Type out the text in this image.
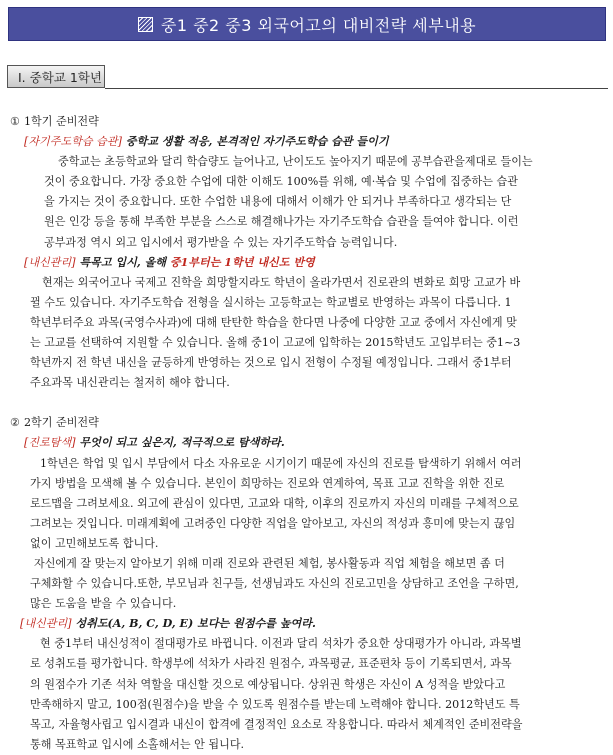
중1 중2 중3 외국어고의 대비전략 세부내용
I. 중학교 1학년
① 1학기 준비전략
[자기주도학습 습관] 중학교 생활 적응, 본격적인 자기주도학습 습관 들이기
중학교는 초등학교와 달리 학습량도 늘어나고, 난이도도 높아지기 때문에 공부습관을제대로 들이는
것이 중요합니다. 가장 중요한 수업에 대한 이해도 100%를 위해, 예·복습 및 수업에 집중하는 습관
을 가지는 것이 중요합니다. 또한 수업한 내용에 대해서 이해가 안 되거나 부족하다고 생각되는 단
원은 인강 등을 통해 부족한 부분을 스스로 해결해나가는 자기주도학습 습관을 들여야 합니다. 이런
공부과정 역시 외고 입시에서 평가받을 수 있는 자기주도학습 능력입니다.
[내신관리] 특목고 입시, 올해 중1부터는 1학년 내신도 반영
현재는 외국어고나 국제고 진학을 희망할지라도 학년이 올라가면서 진로관의 변화로 희망 고교가 바
뀔 수도 있습니다. 자기주도학습 전형을 실시하는 고등학교는 학교별로 반영하는 과목이 다릅니다. 1
학년부터주요 과목(국영수사과)에 대해 탄탄한 학습을 한다면 나중에 다양한 고교 중에서 자신에게 맞
는 고교를 선택하여 지원할 수 있습니다. 올해 중1이 고교에 입학하는 2015학년도 고입부터는 중1~3
학년까지 전 학년 내신을 균등하게 반영하는 것으로 입시 전형이 수정될 예정입니다. 그래서 중1부터
주요과목 내신관리는 철저히 해야 합니다.
② 2학기 준비전략
[진로탐색] 무엇이 되고 싶은지, 적극적으로 탐색하라.
1학년은 학업 및 입시 부담에서 다소 자유로운 시기이기 때문에 자신의 진로를 탐색하기 위해서 여러
가지 방법을 모색해 볼 수 있습니다. 본인이 희망하는 진로와 연계하여, 목표 고교 진학을 위한 진로
로드맵을 그려보세요. 외고에 관심이 있다면, 고교와 대학, 이후의 진로까지 자신의 미래를 구체적으로
그려보는 것입니다. 미래계획에 고려중인 다양한 직업을 알아보고, 자신의 적성과 흥미에 맞는지 끊임
없이 고민해보도록 합니다.
자신에게 잘 맞는지 알아보기 위해 미래 진로와 관련된 체험, 봉사활동과 직업 체험을 해보면 좀 더
구체화할 수 있습니다.또한, 부모님과 친구들, 선생님과도 자신의 진로고민을 상담하고 조언을 구하면,
많은 도움을 받을 수 있습니다.
[내신관리] 성취도(A, B, C, D, E) 보다는 원점수를 높여라.
현 중1부터 내신성적이 절대평가로 바뀝니다. 이전과 달리 석차가 중요한 상대평가가 아니라, 과목별
로 성취도를 평가합니다. 학생부에 석차가 사라진 원점수, 과목평균, 표준편차 등이 기록되면서, 과목
의 원점수가 기존 석차 역할을 대신할 것으로 예상됩니다. 상위권 학생은 자신이 A 성적을 받았다고
만족해하지 말고, 100점(원점수)을 받을 수 있도록 원점수를 받는데 노력해야 합니다. 2012학년도 특
목고, 자율형사립고 입시결과 내신이 합격에 결정적인 요소로 작용합니다. 따라서 체계적인 준비전략을
통해 목표학교 입시에 소홀해서는 안 됩니다.
